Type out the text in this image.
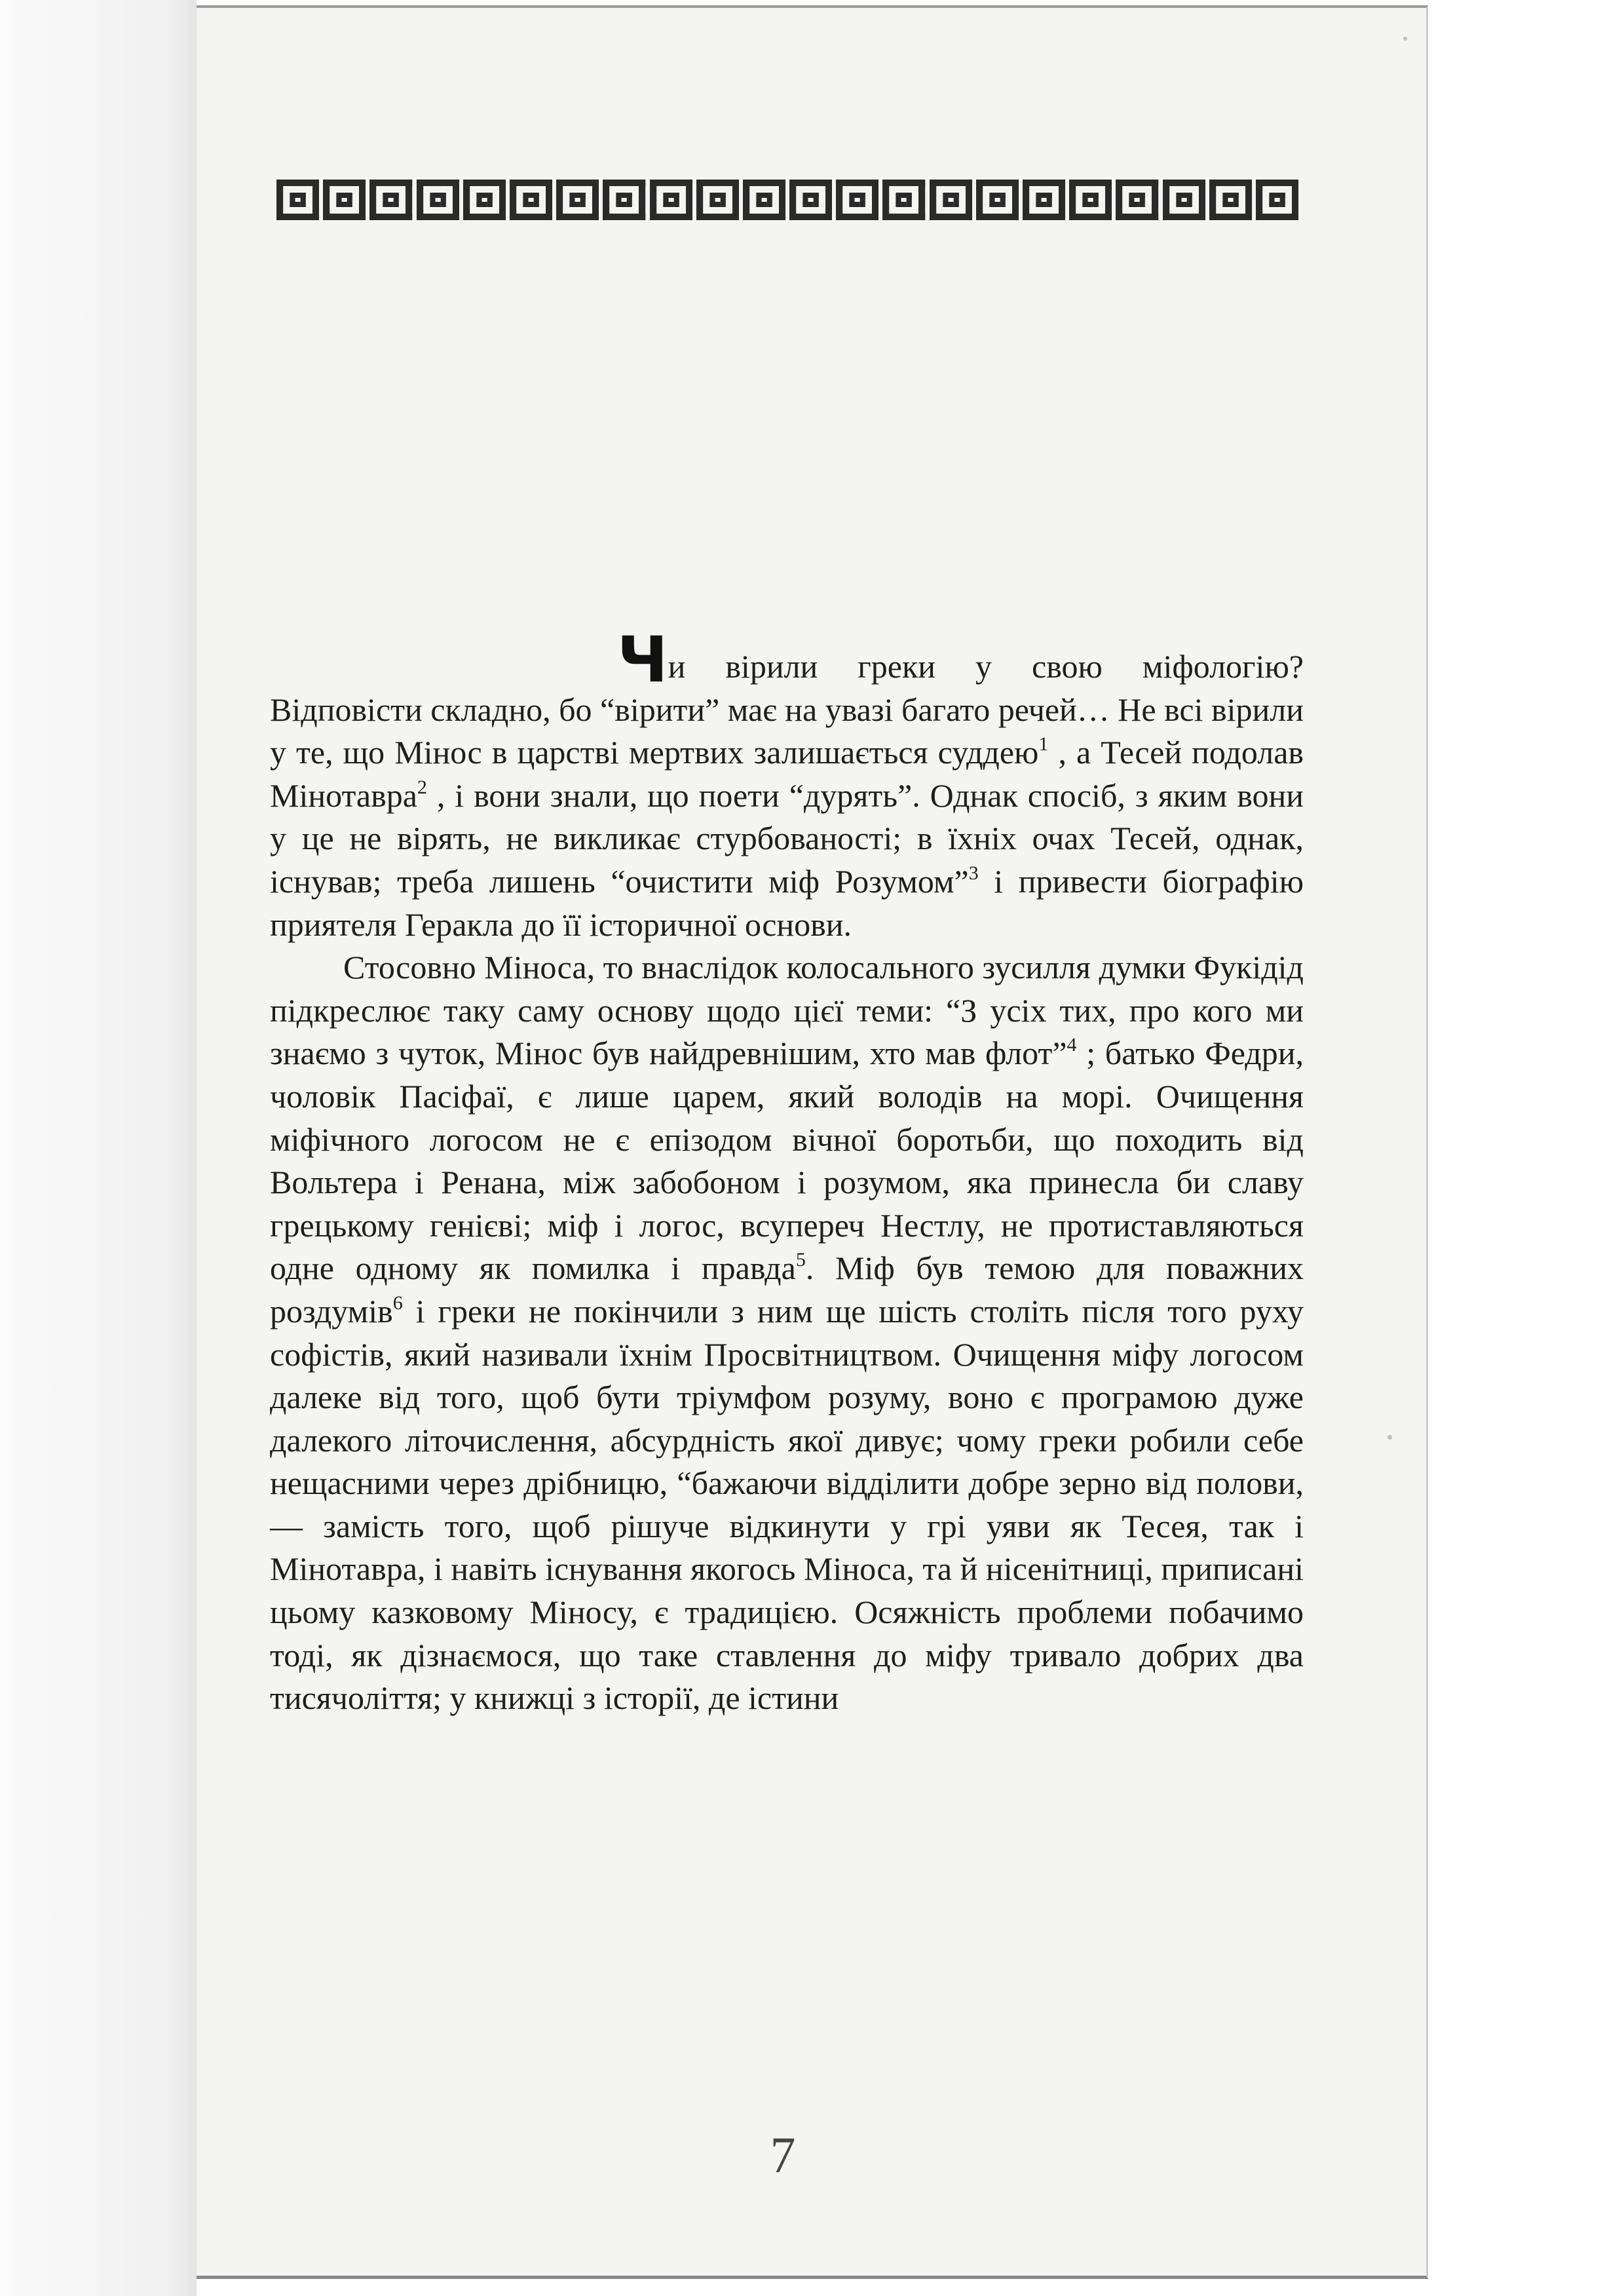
Чи вірили греки у свою міфологію? Відповісти складно, бо “вірити” має на увазі багато речей… Не всі вірили у те, що Мінос в царстві мертвих залишається суддею$^1$ , а Тесей подолав Мінотавра$^2$ , і вони знали, що поети “дурять”. Однак спосіб, з яким вони у це не вірять, не викликає стурбованості; в їхніх очах Тесей, однак, існував; треба лишень “очистити міф Розумом”$^3$ і привести біографію приятеля Геракла до її історичної основи.

Стосовно Міноса, то внаслідок колосального зусилля думки Фукідід підкреслює таку саму основу щодо цієї теми: “З усіх тих, про кого ми знаємо з чуток, Мінос був найдревнішим, хто мав флот”$^4$ ; батько Федри, чоловік Пасіфаї, є лише царем, який володів на морі. Очищення міфічного логосом не є епізодом вічної боротьби, що походить від Вольтера і Ренана, між забобоном і розумом, яка принесла би славу грецькому генієві; міф і логос, всупереч Нестлу, не протиставляються одне одному як помилка і правда$^5$. Міф був темою для поважних роздумів$^6$ і греки не покінчили з ним ще шість століть після того руху софістів, який називали їхнім Просвітництвом. Очищення міфу логосом далеке від того, щоб бути тріумфом розуму, воно є програмою дуже далекого літочислення, абсурдність якої дивує; чому греки робили себе нещасними через дрібницю, “бажаючи відділити добре зерно від полови, — замість того, щоб рішуче відкинути у грі уяви як Тесея, так і Мінотавра, і навіть існування якогось Міноса, та й нісенітниці, приписані цьому казковому Міносу, є традицією. Осяжність проблеми побачимо тоді, як дізнаємося, що таке ставлення до міфу тривало добрих два тисячоліття; у книжці з історії, де істини

7
